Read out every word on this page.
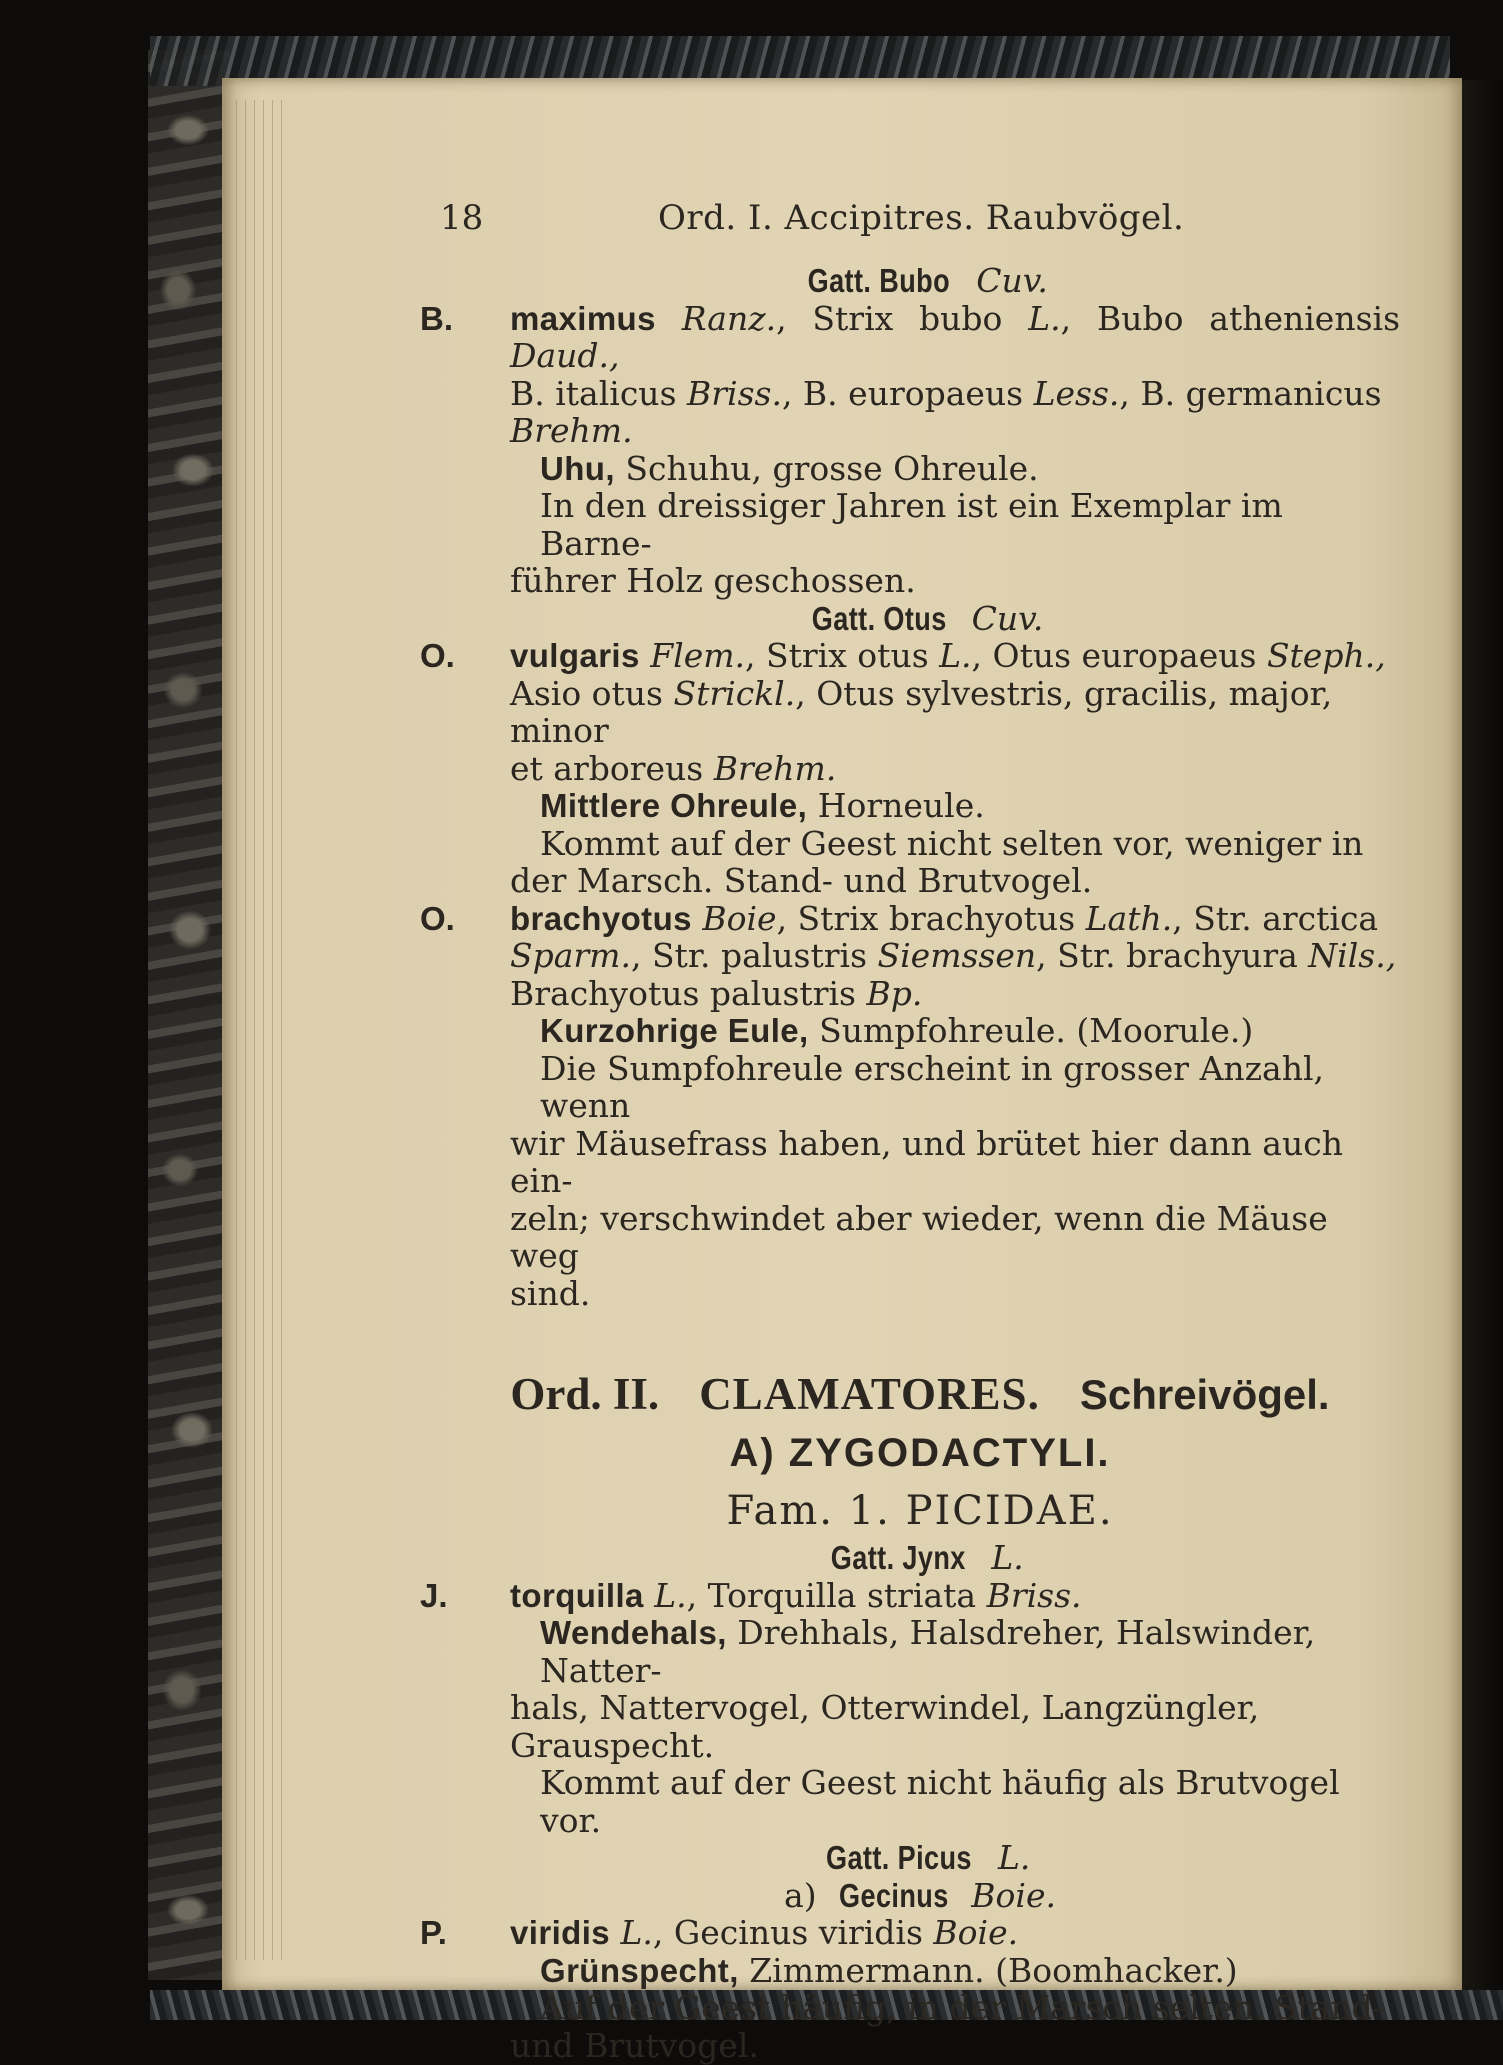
18	Ord. I. Accipitres. Raubvögel.
Gatt. Bubo Cuv.
B. maximus Ranz., Strix bubo L., Bubo atheniensis Daud.,
B. italicus Briss., B. europaeus Less., B. germanicus
Brehm.
Uhu, Schuhu, grosse Ohreule.
In den dreissiger Jahren ist ein Exemplar im Barne-
führer Holz geschossen.
Gatt. Otus Cuv.
O. vulgaris Flem., Strix otus L., Otus europaeus Steph.,
Asio otus Strickl., Otus sylvestris, gracilis, major, minor
et arboreus Brehm.
Mittlere Ohreule, Horneule.
Kommt auf der Geest nicht selten vor, weniger in
der Marsch. Stand- und Brutvogel.
O. brachyotus Boie, Strix brachyotus Lath., Str. arctica
Sparm., Str. palustris Siemssen, Str. brachyura Nils.,
Brachyotus palustris Bp.
Kurzohrige Eule, Sumpfohreule. (Moorule.)
Die Sumpfohreule erscheint in grosser Anzahl, wenn
wir Mäusefrass haben, und brütet hier dann auch ein-
zeln; verschwindet aber wieder, wenn die Mäuse weg
sind.
Ord. II. CLAMATORES. Schreivögel.
A) ZYGODACTYLI.
Fam. 1. PICIDAE.
Gatt. Jynx L.
J. torquilla L., Torquilla striata Briss.
Wendehals, Drehhals, Halsdreher, Halswinder, Natter-
hals, Nattervogel, Otterwindel, Langzüngler, Grauspecht.
Kommt auf der Geest nicht häufig als Brutvogel vor.
Gatt. Picus L.
a) Gecinus Boie.
P. viridis L., Gecinus viridis Boie.
Grünspecht, Zimmermann. (Boomhacker.)
Auf der Geest häufig, in der Marsch selten. Stand-
und Brutvogel.
